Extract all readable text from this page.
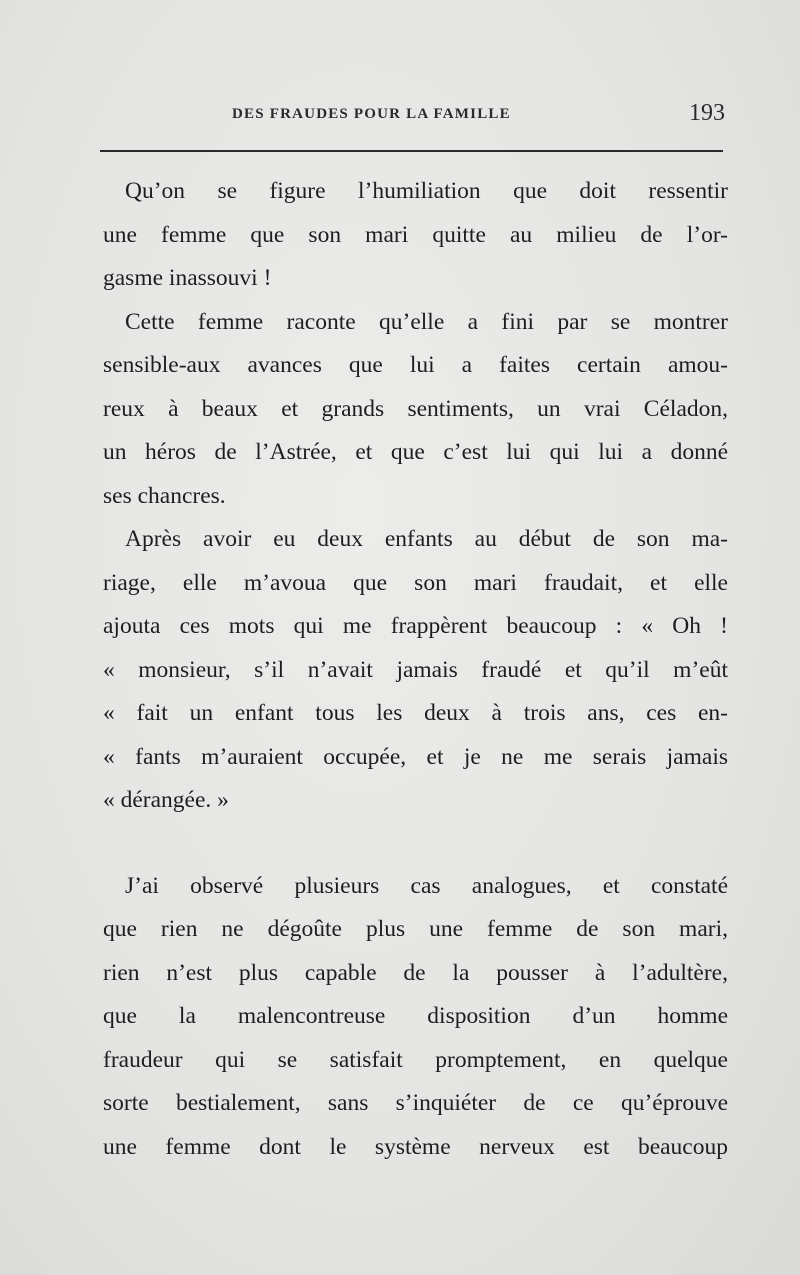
DES FRAUDES POUR LA FAMILLE	193
Qu’on se figure l’humiliation que doit ressentir
une femme que son mari quitte au milieu de l’or-
gasme inassouvi !
Cette femme raconte qu’elle a fini par se montrer
sensible-aux avances que lui a faites certain amou-
reux à beaux et grands sentiments, un vrai Céladon,
un héros de l’Astrée, et que c’est lui qui lui a donné
ses chancres.
Après avoir eu deux enfants au début de son ma-
riage, elle m’avoua que son mari fraudait, et elle
ajouta ces mots qui me frappèrent beaucoup : « Oh !
« monsieur, s’il n’avait jamais fraudé et qu’il m’eût
« fait un enfant tous les deux à trois ans, ces en-
« fants m’auraient occupée, et je ne me serais jamais
« dérangée. »
J’ai observé plusieurs cas analogues, et constaté
que rien ne dégoûte plus une femme de son mari,
rien n’est plus capable de la pousser à l’adultère,
que la malencontreuse disposition d’un homme
fraudeur qui se satisfait promptement, en quelque
sorte bestialement, sans s’inquiéter de ce qu’éprouve
une femme dont le système nerveux est beaucoup
